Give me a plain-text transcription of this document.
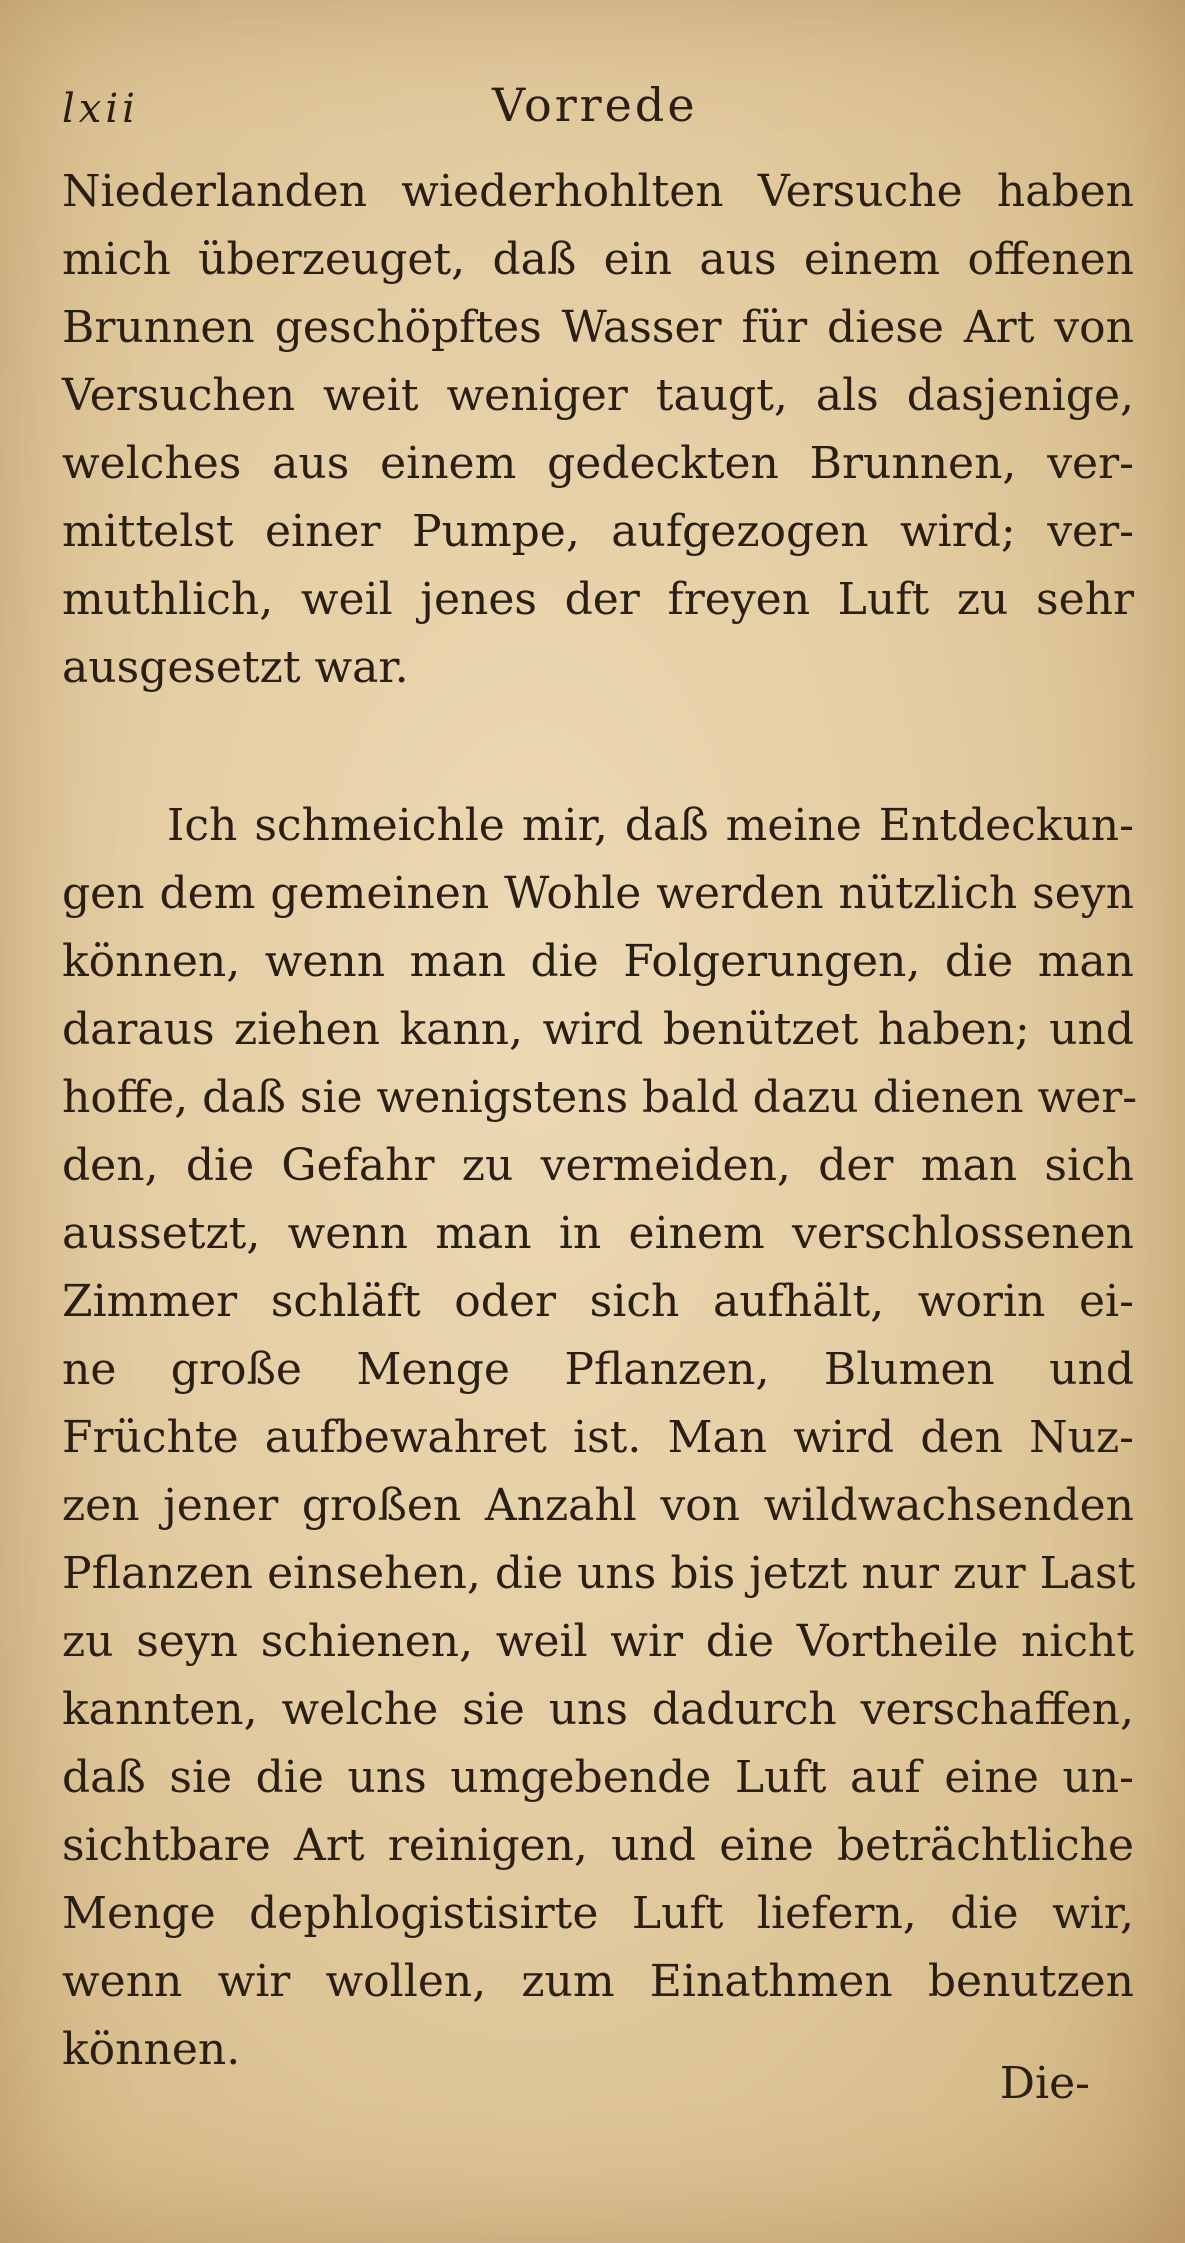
lxii	Vorrede
Niederlanden wiederhohlten Versuche haben
mich überzeuget, daß ein aus einem offenen
Brunnen geschöpftes Wasser für diese Art von
Versuchen weit weniger taugt, als dasjenige,
welches aus einem gedeckten Brunnen, ver-
mittelst einer Pumpe, aufgezogen wird; ver-
muthlich, weil jenes der freyen Luft zu sehr
ausgesetzt war.
Ich schmeichle mir, daß meine Entdeckun-
gen dem gemeinen Wohle werden nützlich seyn
können, wenn man die Folgerungen, die man
daraus ziehen kann, wird benützet haben; und
hoffe, daß sie wenigstens bald dazu dienen wer-
den, die Gefahr zu vermeiden, der man sich
aussetzt, wenn man in einem verschlossenen
Zimmer schläft oder sich aufhält, worin ei-
ne große Menge Pflanzen, Blumen und
Früchte aufbewahret ist. Man wird den Nuz-
zen jener großen Anzahl von wildwachsenden
Pflanzen einsehen, die uns bis jetzt nur zur Last
zu seyn schienen, weil wir die Vortheile nicht
kannten, welche sie uns dadurch verschaffen,
daß sie die uns umgebende Luft auf eine un-
sichtbare Art reinigen, und eine beträchtliche
Menge dephlogistisirte Luft liefern, die wir,
wenn wir wollen, zum Einathmen benutzen
können.
Die-
